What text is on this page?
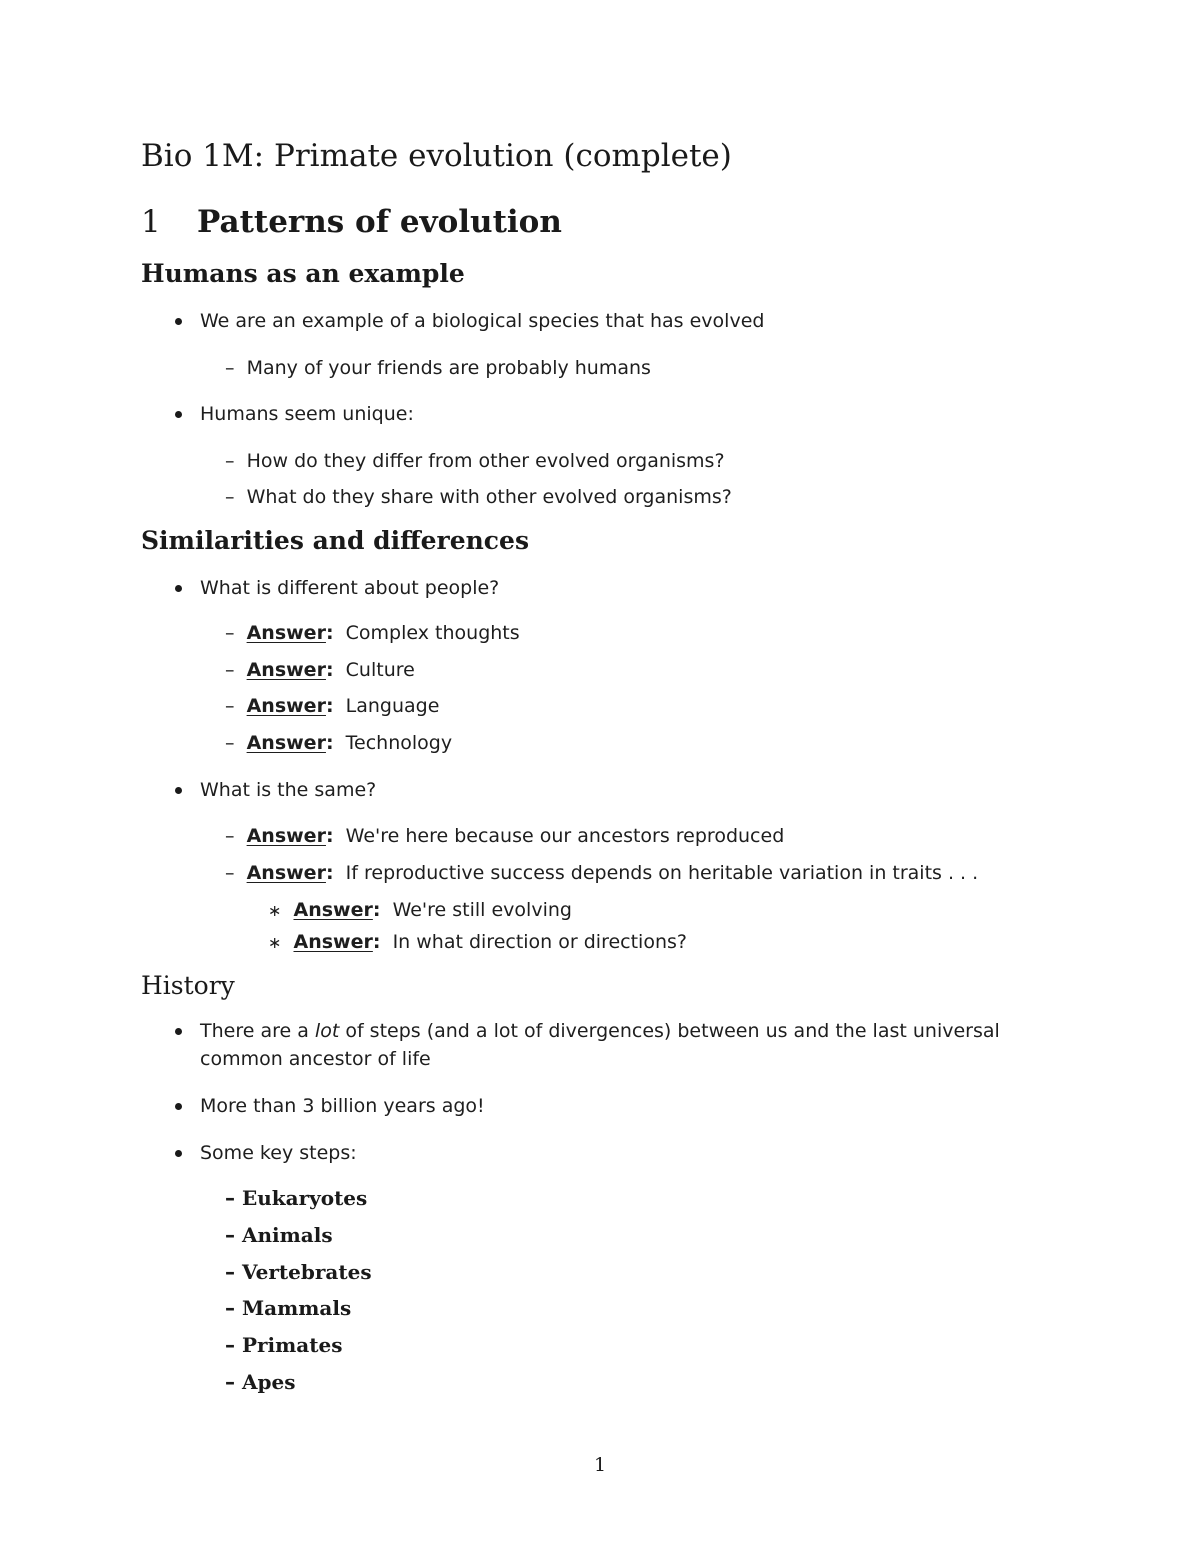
Bio 1M: Primate evolution (complete)
1 Patterns of evolution
Humans as an example
We are an example of a biological species that has evolved
– Many of your friends are probably humans
Humans seem unique:
– How do they differ from other evolved organisms?
– What do they share with other evolved organisms?
Similarities and differences
What is different about people?
– Answer: Complex thoughts
– Answer: Culture
– Answer: Language
– Answer: Technology
What is the same?
– Answer: We're here because our ancestors reproduced
– Answer: If reproductive success depends on heritable variation in traits . . .
∗ Answer: We're still evolving
∗ Answer: In what direction or directions?
History
There are a lot of steps (and a lot of divergences) between us and the last universal common ancestor of life
More than 3 billion years ago!
Some key steps:
– Eukaryotes
– Animals
– Vertebrates
– Mammals
– Primates
– Apes
1
